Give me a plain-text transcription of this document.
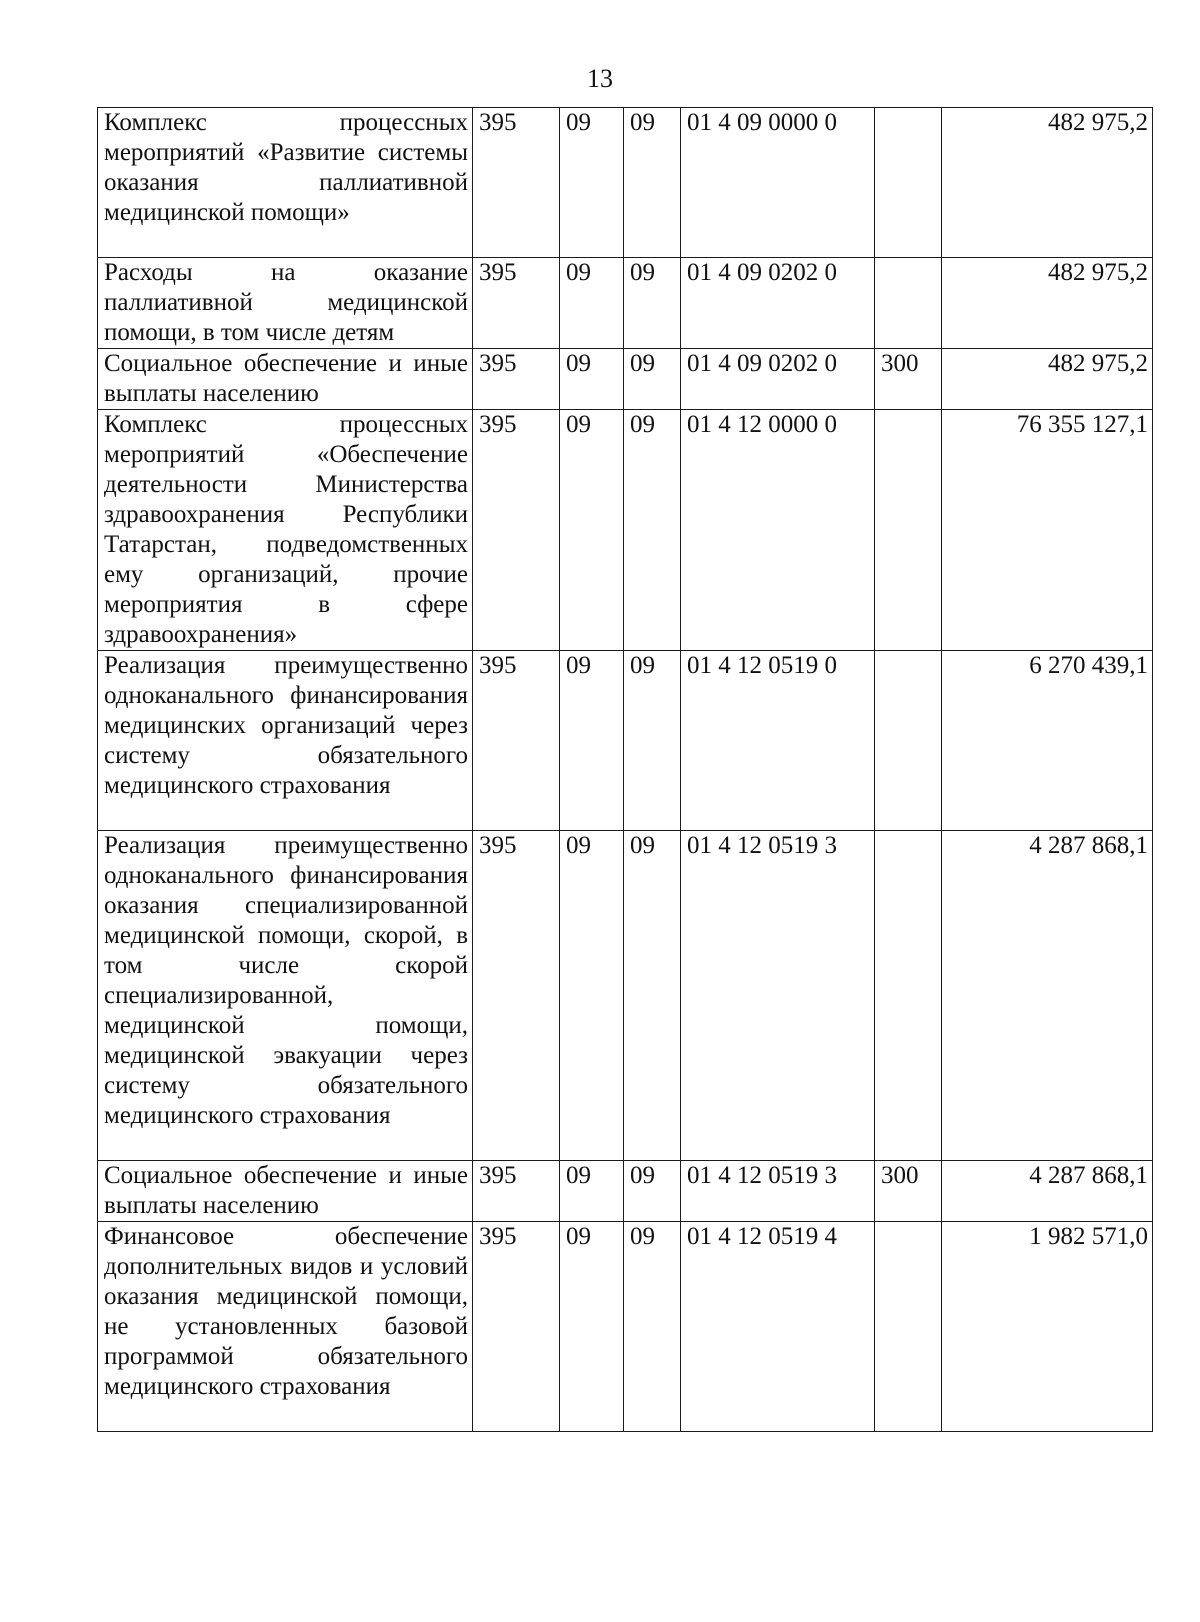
13
Комплекс процессных мероприятий «Развитие системы оказания паллиативной медицинской помощи»	395	09	09	01 4 09 0000 0		482 975,2

Расходы на оказание паллиативной медицинской помощи, в том числе детям	395	09	09	01 4 09 0202 0		482 975,2

Социальное обеспечение и иные выплаты населению	395	09	09	01 4 09 0202 0	300	482 975,2

Комплекс процессных мероприятий «Обеспечение деятельности Министерства здравоохранения Республики Татарстан, подведомственных ему организаций, прочие мероприятия в сфере здравоохранения»	395	09	09	01 4 12 0000 0		76 355 127,1

Реализация преимущественно одноканального финансирования медицинских организаций через систему обязательного медицинского страхования	395	09	09	01 4 12 0519 0		6 270 439,1

Реализация преимущественно одноканального финансирования оказания специализированной медицинской помощи, скорой, в том числе скорой специализированной, медицинской помощи, медицинской эвакуации через систему обязательного медицинского страхования	395	09	09	01 4 12 0519 3		4 287 868,1

Социальное обеспечение и иные выплаты населению	395	09	09	01 4 12 0519 3	300	4 287 868,1

Финансовое обеспечение дополнительных видов и условий оказания медицинской помощи, не установленных базовой программой обязательного медицинского страхования	395	09	09	01 4 12 0519 4		1 982 571,0
